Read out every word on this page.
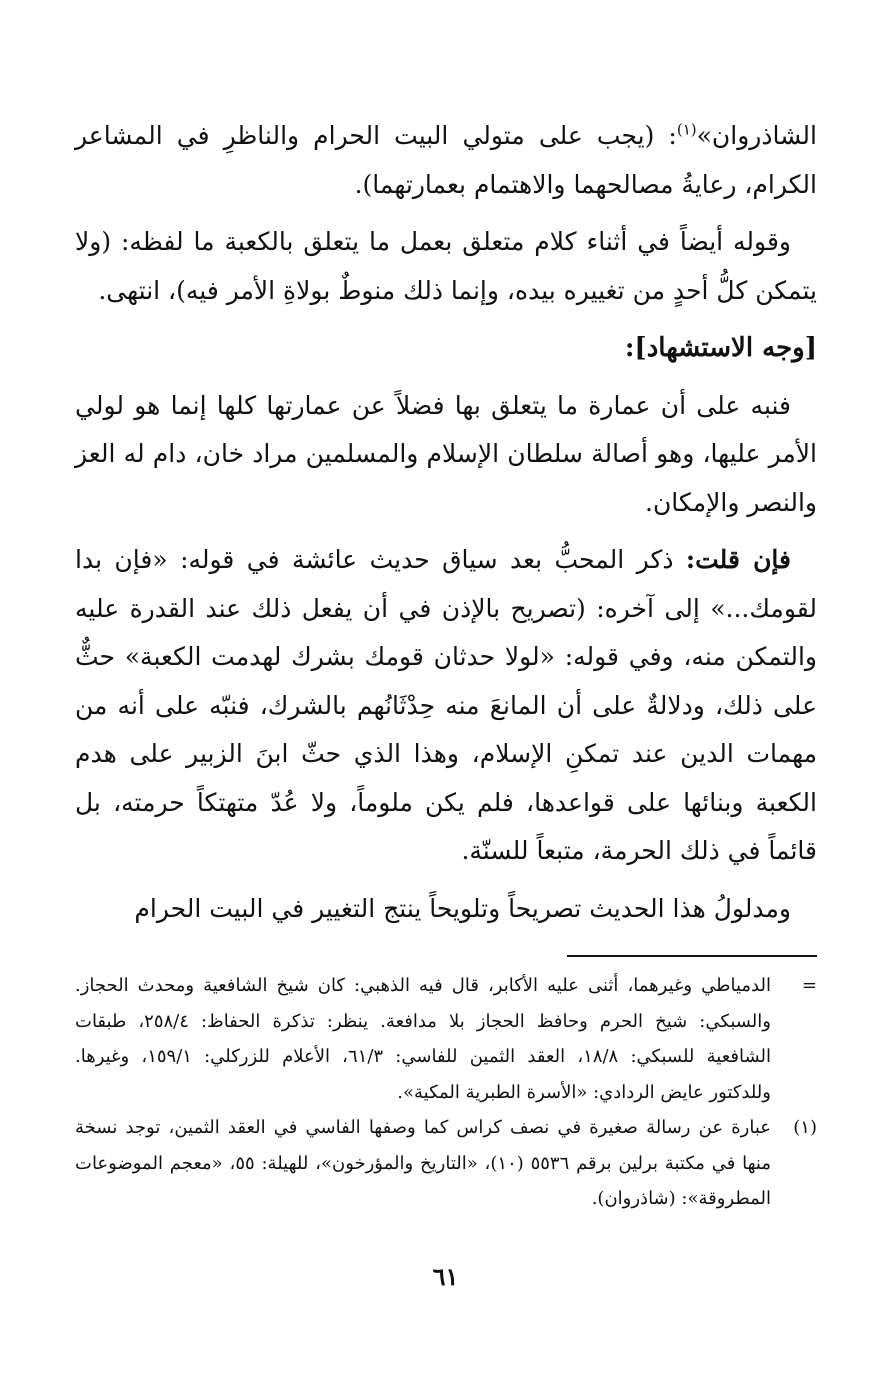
الشاذروان»$^{(١)}$: (يجب على متولي البيت الحرام والناظرِ في المشاعر الكرام، رعايةُ مصالحهما والاهتمام بعمارتهما).

وقوله أيضاً في أثناء كلام متعلق بعمل ما يتعلق بالكعبة ما لفظه: (ولا يتمكن كلُّ أحدٍ من تغييره بيده، وإنما ذلك منوطٌ بولاةِ الأمر فيه)، انتهى.

[وجه الاستشهاد]:

فنبه على أن عمارة ما يتعلق بها فضلاً عن عمارتها كلها إنما هو لولي الأمر عليها، وهو أصالة سلطان الإسلام والمسلمين مراد خان، دام له العز والنصر والإمكان.

فإن قلت: ذكر المحبُّ بعد سياق حديث عائشة في قوله: «فإن بدا لقومك...» إلى آخره: (تصريح بالإذن في أن يفعل ذلك عند القدرة عليه والتمكن منه، وفي قوله: «لولا حدثان قومك بشرك لهدمت الكعبة» حثٌّ على ذلك، ودلالةٌ على أن المانعَ منه حِدْثَانُهم بالشرك، فنبّه على أنه من مهمات الدين عند تمكنِ الإسلام، وهذا الذي حثّ ابنَ الزبير على هدم الكعبة وبنائها على قواعدها، فلم يكن ملوماً، ولا عُدّ متهتكاً حرمته، بل قائماً في ذلك الحرمة، متبعاً للسنّة.

ومدلولُ هذا الحديث تصريحاً وتلويحاً ينتج التغيير في البيت الحرام

=
الدمياطي وغيرهما، أثنى عليه الأكابر، قال فيه الذهبي: كان شيخ الشافعية ومحدث الحجاز. والسبكي: شيخ الحرم وحافظ الحجاز بلا مدافعة. ينظر: تذكرة الحفاظ: ٢٥٨/٤، طبقات الشافعية للسبكي: ١٨/٨، العقد الثمين للفاسي: ٦١/٣، الأعلام للزركلي: ١٥٩/١، وغيرها. وللدكتور عايض الردادي: «الأسرة الطبرية المكية».
(١)
عبارة عن رسالة صغيرة في نصف كراس كما وصفها الفاسي في العقد الثمين، توجد نسخة منها في مكتبة برلين برقم ٥٥٣٦ (١٠)، «التاريخ والمؤرخون»، للهيلة: ٥٥، «معجم الموضوعات المطروقة»: (شاذروان).
٦١
